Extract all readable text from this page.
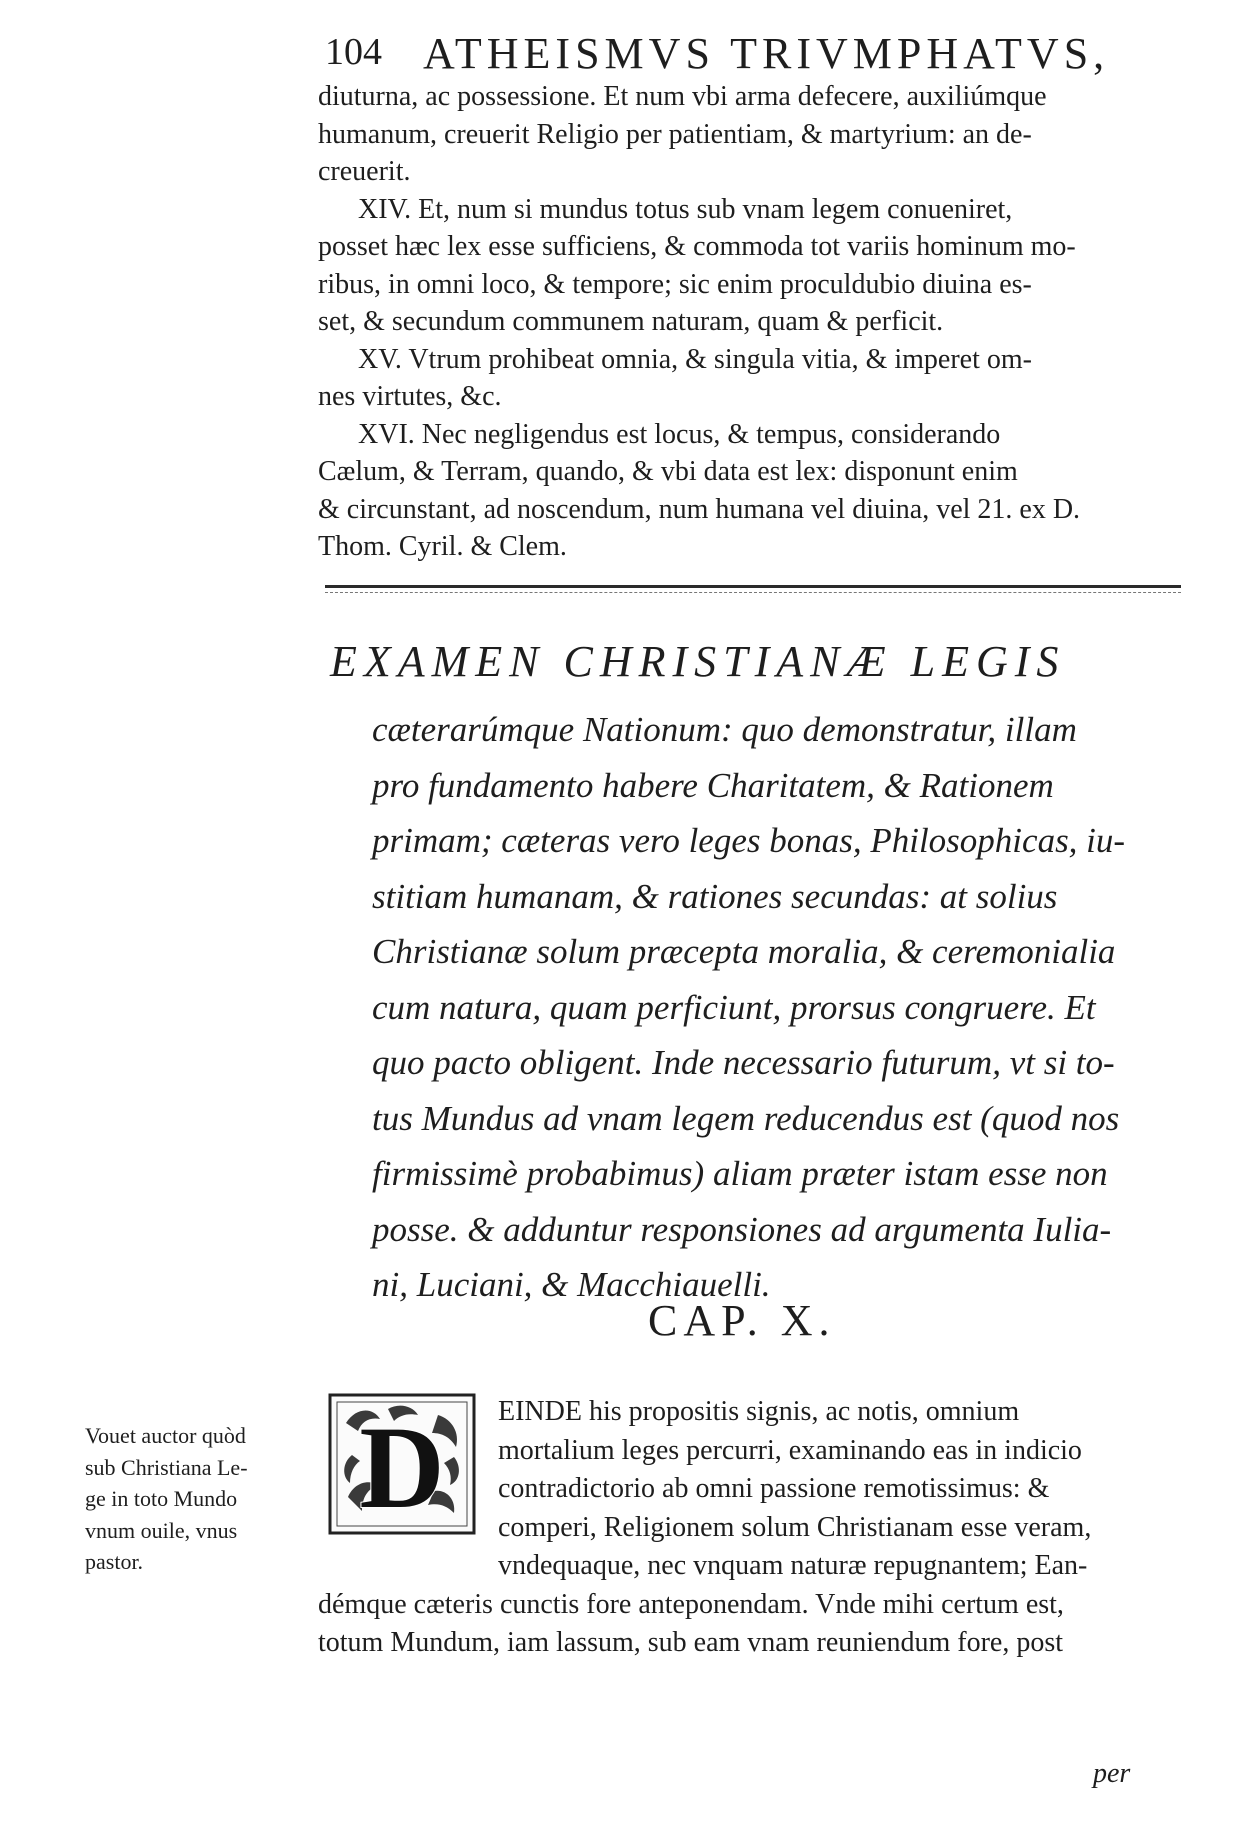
104 ATHEISMVS TRIVMPHATVS,

diuturna, ac possessione. Et num vbi arma defecere, auxiliúmque

humanum, creuerit Religio per patientiam, & martyrium: an de-

creuerit.

XIV. Et, num si mundus totus sub vnam legem conueniret,

posset hæc lex esse sufficiens, & commoda tot variis hominum mo-

ribus, in omni loco, & tempore; sic enim proculdubio diuina es-

set, & secundum communem naturam, quam & perficit.

XV. Vtrum prohibeat omnia, & singula vitia, & imperet om-

nes virtutes, &c.

XVI. Nec negligendus est locus, & tempus, considerando

Cælum, & Terram, quando, & vbi data est lex: disponunt enim

& circunstant, ad noscendum, num humana vel diuina, vel 21. ex D.

Thom. Cyril. & Clem.

EXAMEN CHRISTIANÆ LEGIS

cæterarúmque Nationum: quo demonstratur, illam

pro fundamento habere Charitatem, & Rationem

primam; cæteras vero leges bonas, Philosophicas, iu-

stitiam humanam, & rationes secundas: at solius

Christianæ solum præcepta moralia, & ceremonialia

cum natura, quam perficiunt, prorsus congruere. Et

quo pacto obligent. Inde necessario futurum, vt si to-

tus Mundus ad vnam legem reducendus est (quod nos

firmissimè probabimus) aliam præter istam esse non

posse. & adduntur responsiones ad argumenta Iulia-

ni, Luciani, & Macchiauelli.

CAP. X.

Vouet auctor quòd

sub Christiana Le-

ge in toto Mundo

vnum ouile, vnus

pastor.

D	EINDE his propositis signis, ac notis, omnium

mortalium leges percurri, examinando eas in indicio

contradictorio ab omni passione remotissimus: &

comperi, Religionem solum Christianam esse veram,

vndequaque, nec vnquam naturæ repugnantem; Ean-

démque cæteris cunctis fore anteponendam. Vnde mihi certum est,

totum Mundum, iam lassum, sub eam vnam reuniendum fore, post

per
